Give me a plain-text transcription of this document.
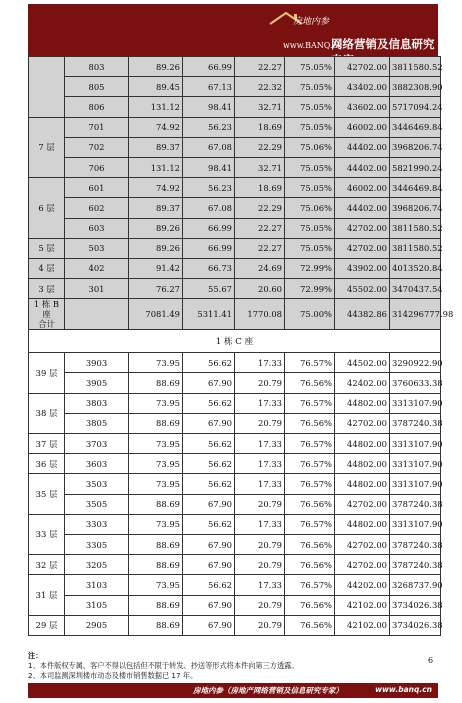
房地内参
www.BANQ.cn
网络营销及信息研究
	803	89.26	66.99	22.27	75.05%	42702.00	3811580.52
	805	89.45	67.13	22.32	75.05%	43402.00	3882308.90
	806	131.12	98.41	32.71	75.05%	43602.00	5717094.24
7 层	701	74.92	56.23	18.69	75.05%	46002.00	3446469.84
	702	89.37	67.08	22.29	75.06%	44402.00	3968206.74
	706	131.12	98.41	32.71	75.05%	44402.00	5821990.24
6 层	601	74.92	56.23	18.69	75.05%	46002.00	3446469.84
	602	89.37	67.08	22.29	75.06%	44402.00	3968206.74
	603	89.26	66.99	22.27	75.05%	42702.00	3811580.52
5 层	503	89.26	66.99	22.27	75.05%	42702.00	3811580.52
4 层	402	91.42	66.73	24.69	72.99%	43902.00	4013520.84
3 层	301	76.27	55.67	20.60	72.99%	45502.00	3470437.54
1 栋 B 座
合计		7081.49	5311.41	1770.08	75.00%	44382.86	314296777.98
1 栋 C 座							
39 层	3903	73.95	56.62	17.33	76.57%	44502.00	3290922.90
	3905	88.69	67.90	20.79	76.56%	42402.00	3760633.38
38 层	3803	73.95	56.62	17.33	76.57%	44802.00	3313107.90
	3805	88.69	67.90	20.79	76.56%	42702.00	3787240.38
37 层	3703	73.95	56.62	17.33	76.57%	44802.00	3313107.90
36 层	3603	73.95	56.62	17.33	76.57%	44802.00	3313107.90
35 层	3503	73.95	56.62	17.33	76.57%	44802.00	3313107.90
	3505	88.69	67.90	20.79	76.56%	42702.00	3787240.38
33 层	3303	73.95	56.62	17.33	76.57%	44802.00	3313107.90
	3305	88.69	67.90	20.79	76.56%	42702.00	3787240.38
32 层	3205	88.69	67.90	20.79	76.56%	42702.00	3787240.38
31 层	3103	73.95	56.62	17.33	76.57%	44202.00	3268737.90
	3105	88.69	67.90	20.79	76.56%	42102.00	3734026.38
29 层	2905	88.69	67.90	20.79	76.56%	42102.00	3734026.38
注：
1、本件版权专属，客户不得以包括但不限于转发、抄送等形式将本件向第三方透露。
2、本司监测深圳楼市动态及楼市销售数据已 17 年。
6
房地内参（房地产网络营销及信息研究专家）	www.banq.cn
